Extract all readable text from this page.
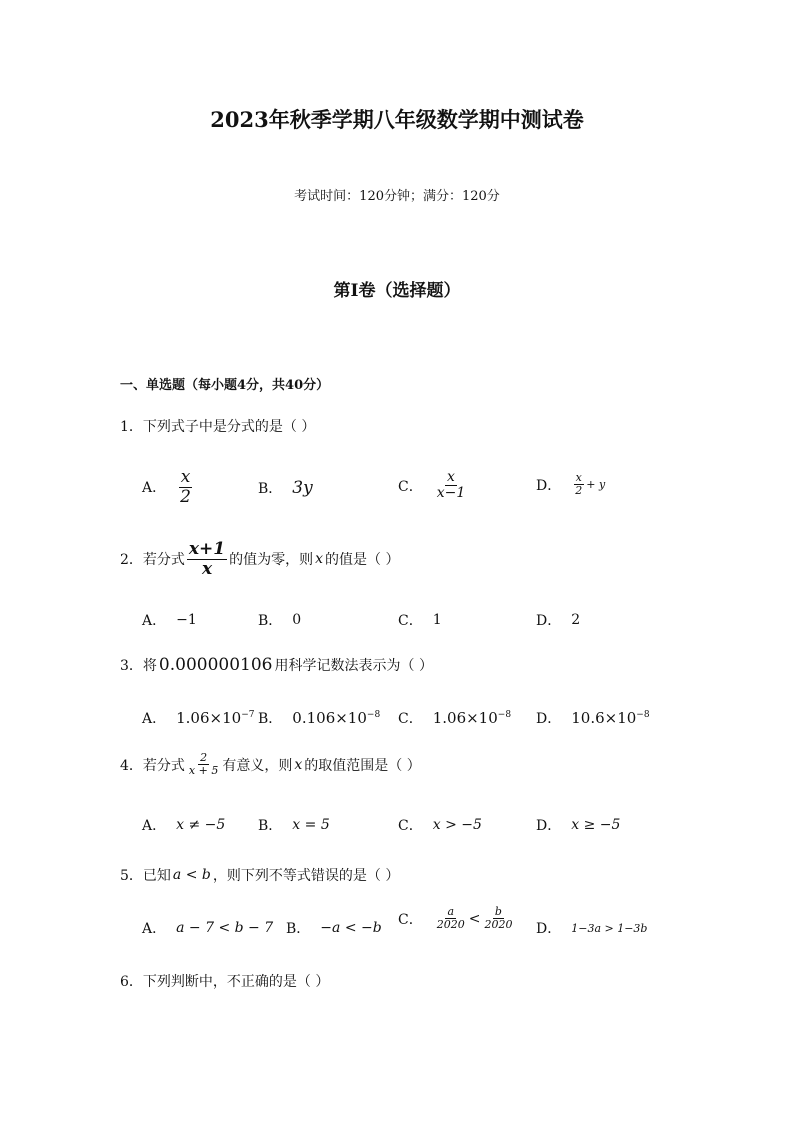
2023年秋季学期八年级数学期中测试卷
考试时间：120分钟；满分：120分
第Ⅰ卷（选择题）
一、单选题（每小题4分，共40分）
1．下列式子中是分式的是（ ）
A． $\frac{x}{2}$	B． 3y	C． $\frac{x}{x-1}$	D． $\frac{x}{2} + y$
2．若分式 $\frac{x+1}{x}$ 的值为零，则 x 的值是（ ）
A． −1	B． 0	C． 1	D． 2
3．将 0.000000106 用科学记数法表示为（ ）
A． $1.06\times 10^{-7}$ B． $0.106\times 10^{-8}$ C． $1.06\times 10^{-8}$ D． $10.6\times 10^{-8}$
4．若分式 $\frac{2}{x + 5}$ 有意义，则 x 的取值范围是（ ）
A． x ≠ −5 B． x = 5	C． x > −5	D． x ≥ −5
5．已知 a < b ，则下列不等式错误的是（ ）
A． a − 7 < b − 7 B． −a < −b
C． $\frac{a}{2020} < \frac{b}{2020}$ D． 1−3a > 1−3b
6．下列判断中，不正确的是（ ）
